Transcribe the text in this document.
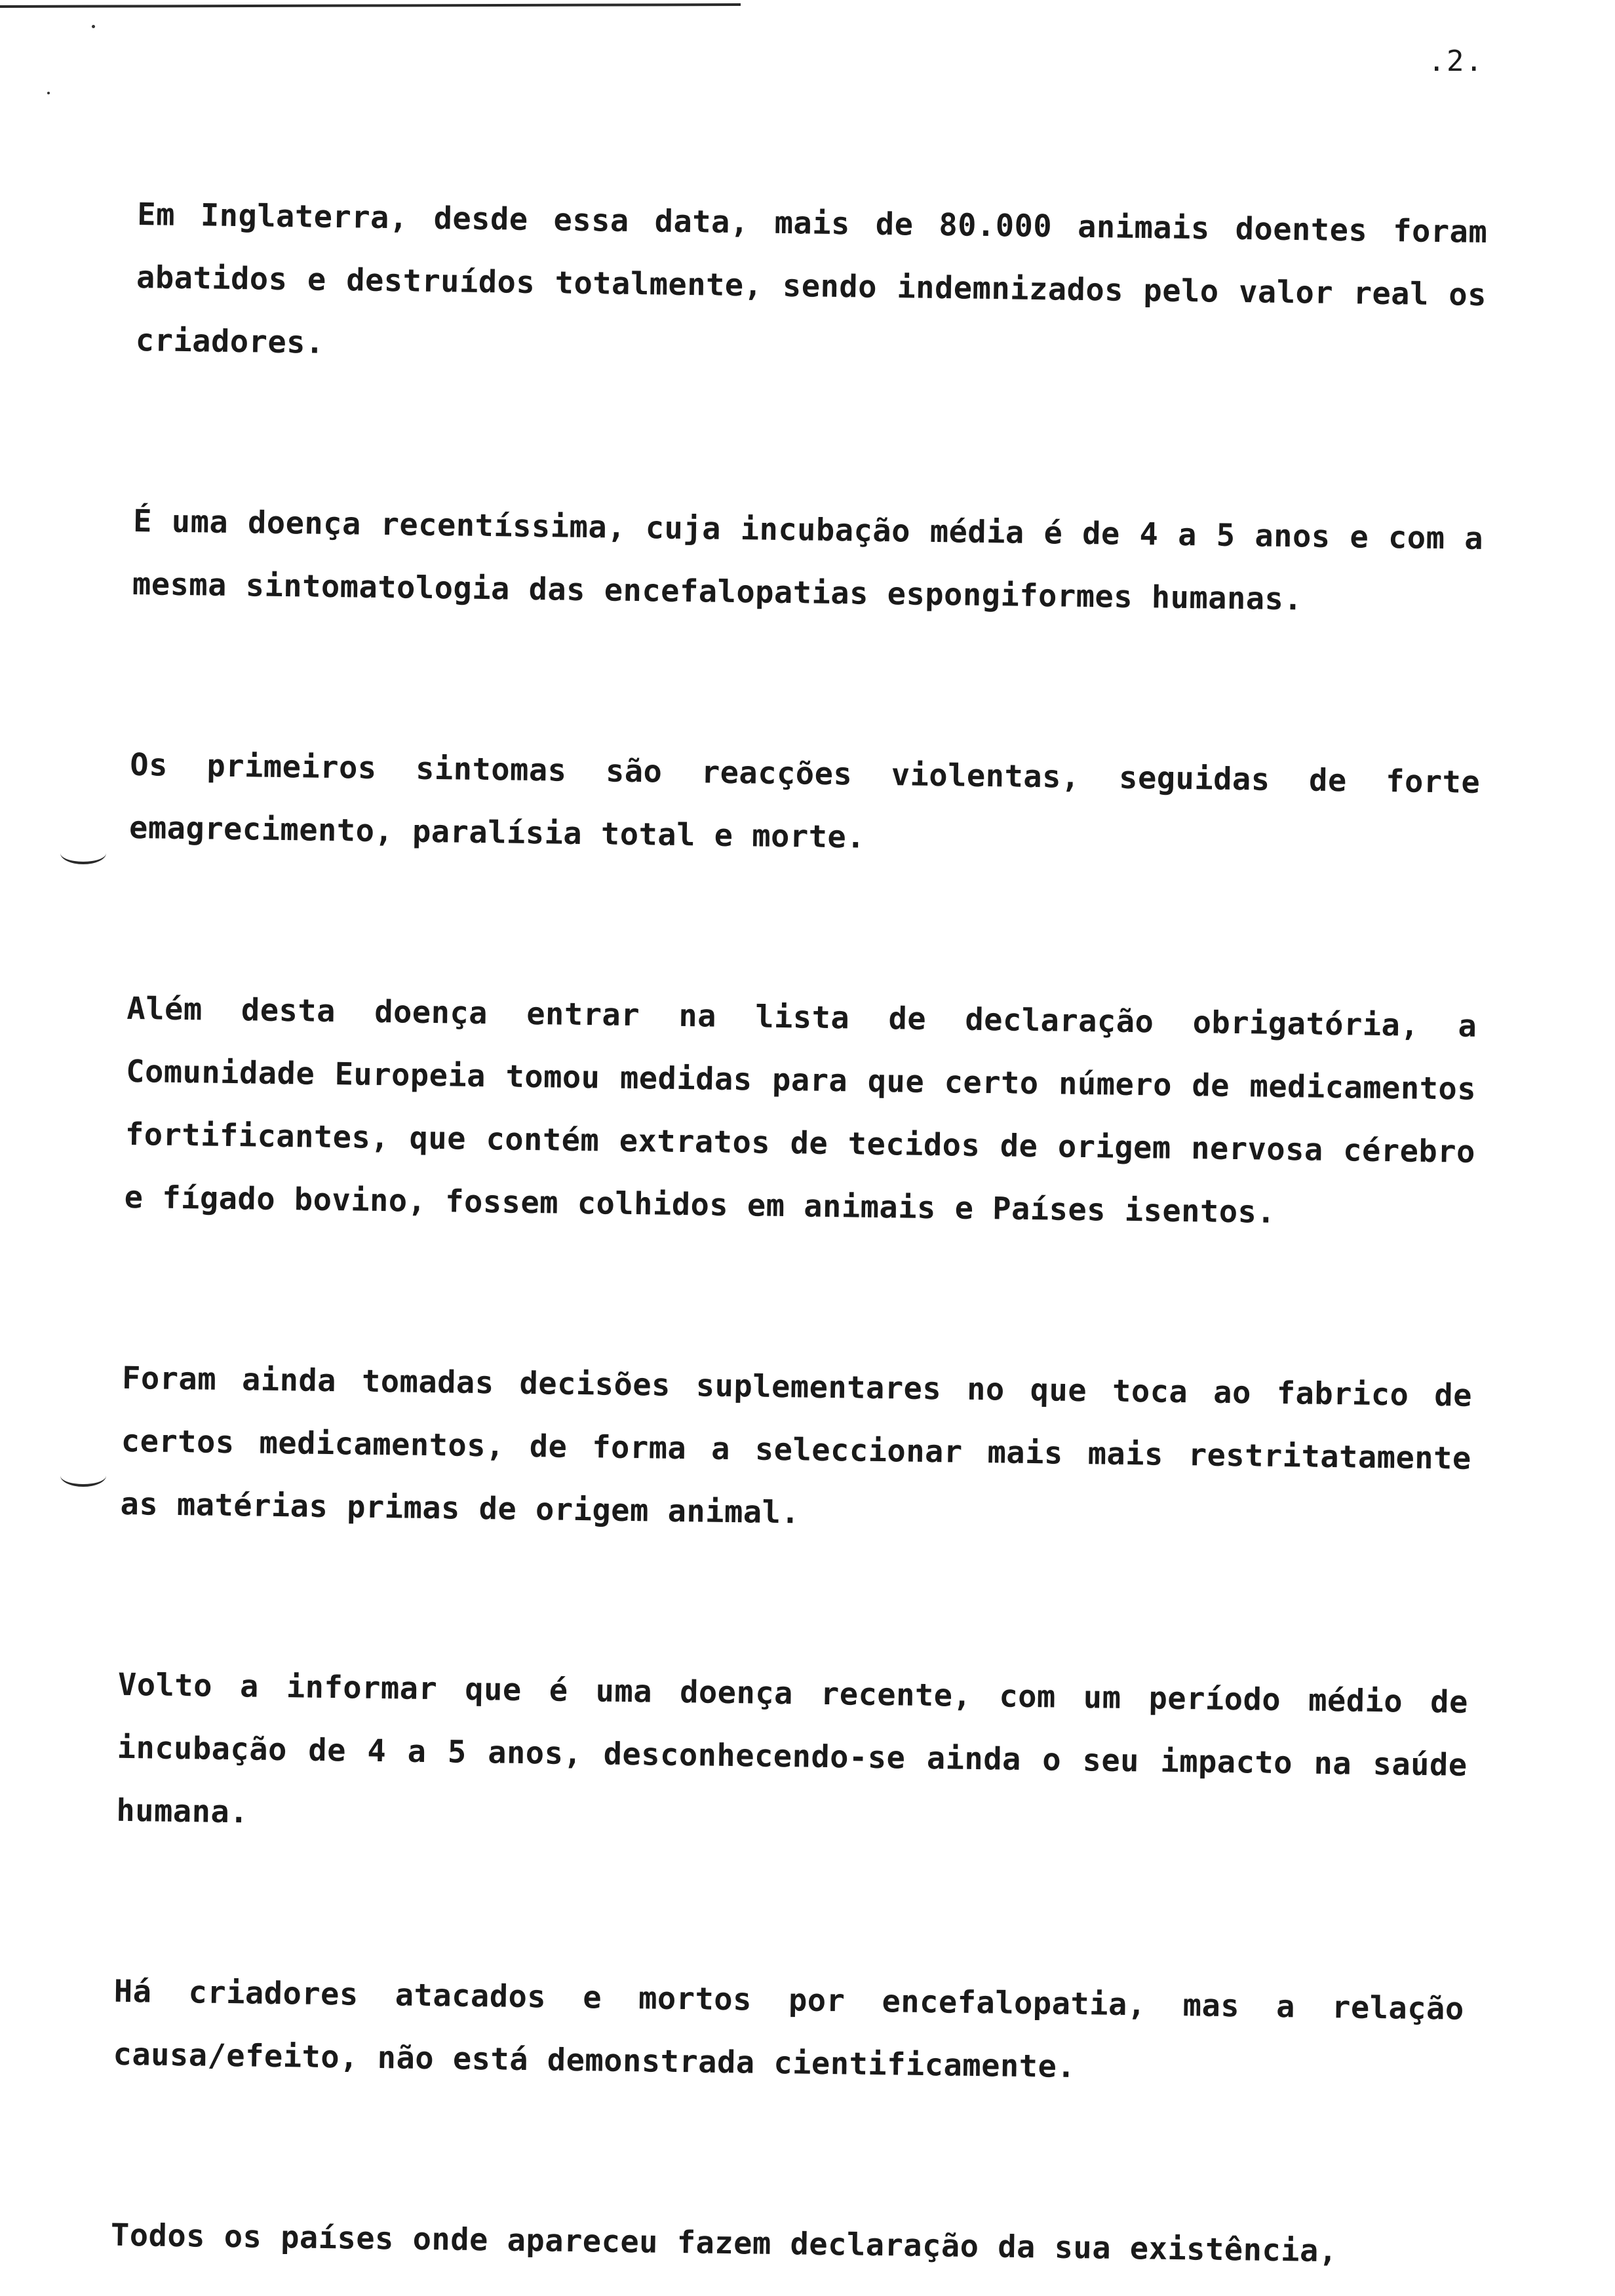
.2.

Em Inglaterra, desde essa data, mais de 80.000 animais doentes foram abatidos e destruídos totalmente, sendo indemnizados pelo valor real os criadores.

É uma doença recentíssima, cuja incubação média é de 4 a 5 anos e com a mesma sintomatologia das encefalopatias espongiformes humanas.

Os primeiros sintomas são reacções violentas, seguidas de forte emagrecimento, paralísia total e morte.

Além desta doença entrar na lista de declaração obrigatória, a Comunidade Europeia tomou medidas para que certo número de medicamentos fortificantes, que contém extratos de tecidos de origem nervosa cérebro e fígado bovino, fossem colhidos em animais e Países isentos.

Foram ainda tomadas decisões suplementares no que toca ao fabrico de certos medicamentos, de forma a seleccionar mais mais restritatamente as matérias primas de origem animal.

Volto a informar que é uma doença recente, com um período médio de incubação de 4 a 5 anos, desconhecendo-se ainda o seu impacto na saúde humana.

Há criadores atacados e mortos por encefalopatia, mas a relação causa/efeito, não está demonstrada cientificamente.

Todos os países onde apareceu fazem declaração da sua existência,
